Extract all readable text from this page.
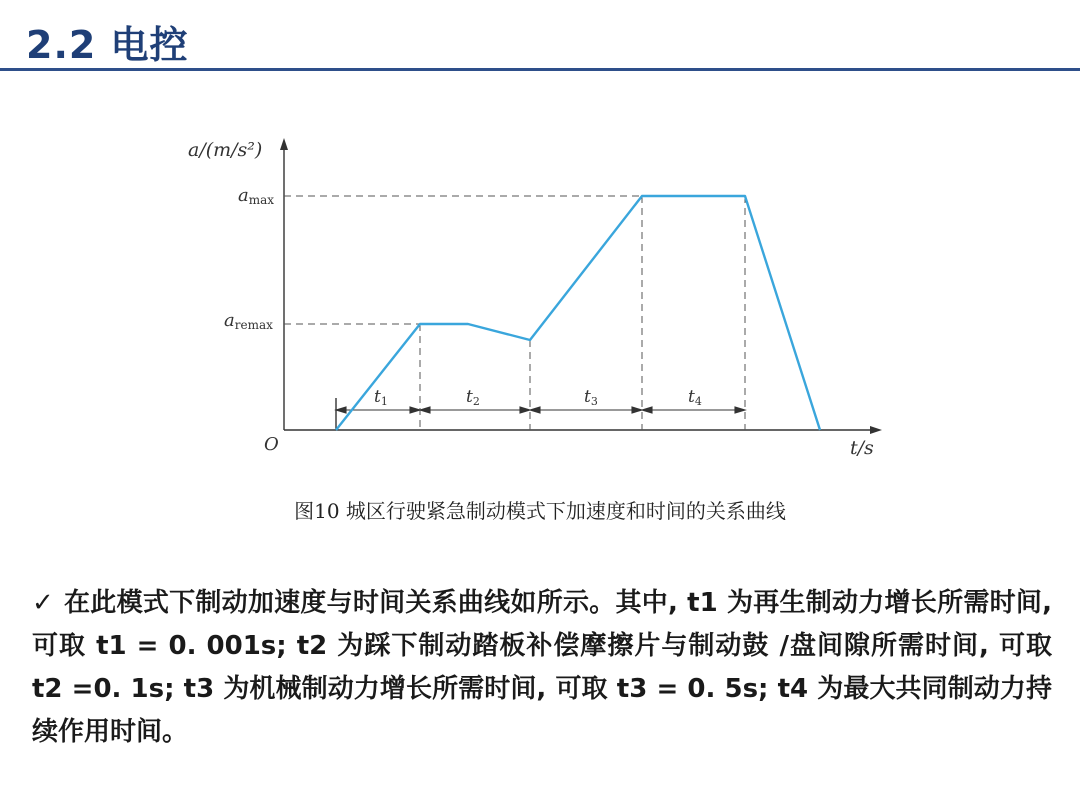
2.2 电控
a/(m/s²)
O	t/s
amax
aremax
t1	t2	t3	t4
图10 城区行驶紧急制动模式下加速度和时间的关系曲线
✓ 在此模式下制动加速度与时间关系曲线如所示。其中, t1 为再生制动力增长所需时间, 可取 t1 = 0. 001s; t2 为踩下制动踏板补偿摩擦片与制动鼓 /盘间隙所需时间, 可取 t2 =0. 1s; t3 为机械制动力增长所需时间, 可取 t3 = 0. 5s; t4 为最大共同制动力持续作用时间。
